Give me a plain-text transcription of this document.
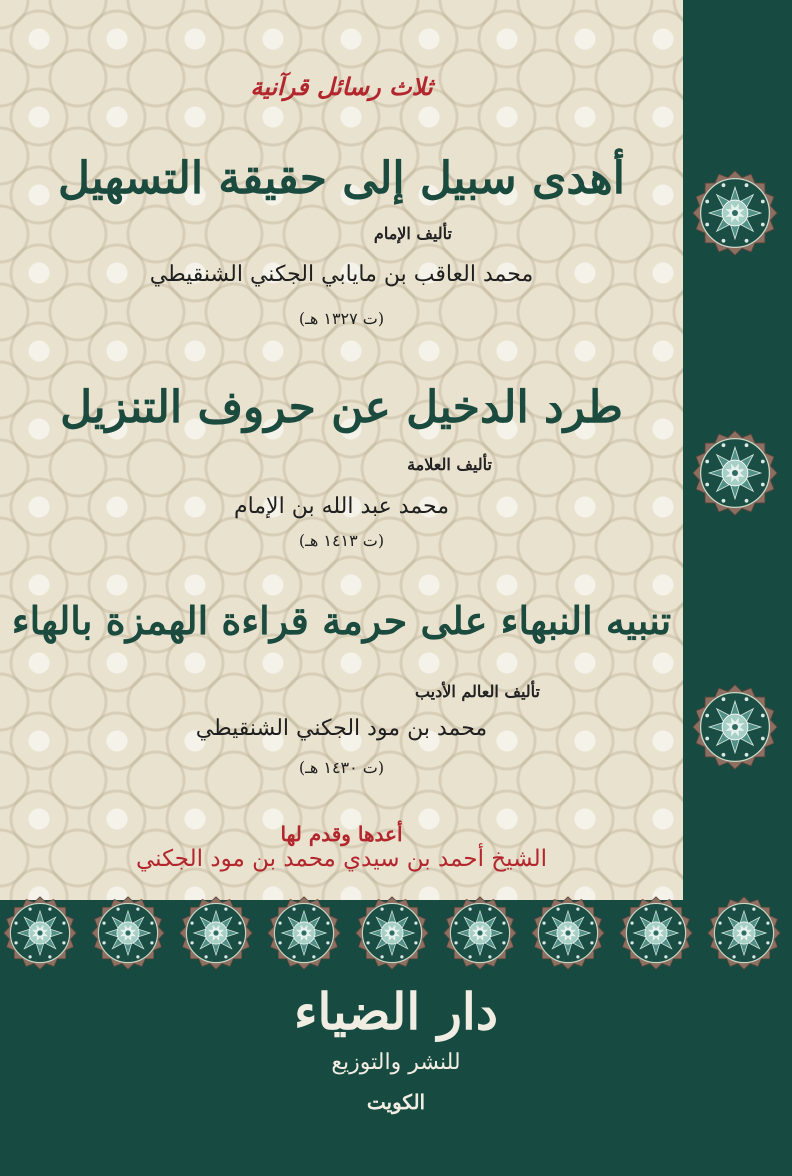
ثلاث رسائل قرآنية

أهدى سبيل إلى حقيقة التسهيل

تأليف الإمام

محمد العاقب بن مايابي الجكني الشنقيطي

(ت ١٣٢٧ هـ)

طرد الدخيل عن حروف التنزيل

تأليف العلامة

محمد عبد الله بن الإمام

(ت ١٤١٣ هـ)

تنبيه النبهاء على حرمة قراءة الهمزة بالهاء

تأليف العالم الأديب

محمد بن مود الجكني الشنقيطي

(ت ١٤٣٠ هـ)

أعدها وقدم لها

الشيخ أحمد بن سيدي محمد بن مود الجكني

دار الضياء

للنشر والتوزيع

الكويت
